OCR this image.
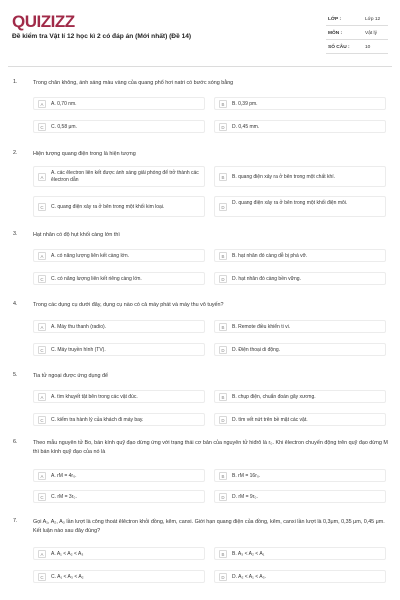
QUIZIZZ
Đề kiểm tra Vật lí 12 học kì 2 có đáp án (Mới nhất) (Đề 14)
LỚP :	Lớp 12
MÔN :	Vật lý
SỐ CÂU :	10
1.	Trong chân không, ánh sáng màu vàng của quang phổ hơi natri có bước sóng bằng
A	A. 0,70 nm.	B	B. 0,39 pm.
C	C. 0,58 μm.	D	D. 0,45 mm.
2.	Hiện tượng quang điện trong là hiện tượng
A
A. các êlectron liên kết được ánh sáng giải phóng để trở thành các êlectron dẫn	B	B. quang điện xảy ra ở bên trong một chất khí.
C	C. quang điện xảy ra ở bên trong một khối kim loại.	D
D. quang điện xảy ra ở bên trong một khối điện môi.
3.	Hạt nhân có độ hụt khối càng lớn thì
A	A. có năng lượng liên kết càng lớn.	B	B. hạt nhân đó càng dễ bị phá vỡ.
C	C. có năng lượng liên kết riêng càng lớn.	D	D. hạt nhân đó càng bền vững.
4.	Trong các dụng cụ dưới đây, dụng cụ nào có cả máy phát và máy thu vô tuyến?
A	A. Máy thu thanh (radio).	B	B. Remote điều khiển ti vi.
C	C. Máy truyền hình (TV).	D	D. Điện thoại di động.
5.	Tia tử ngoại được ứng dụng để
A	A. tìm khuyết tật bên trong các vật đúc.	B	B. chụp điện, chuẩn đoán gãy xương.
C	C. kiểm tra hành lý của khách đi máy bay.	D	D. tìm vết nứt trên bề mặt các vật.
6.	Theo mẫu nguyên tử Bo, bán kính quỹ đạo dừng ứng với trạng thái cơ bản của nguyên tử hiđrô là r₀. Khi êlectron chuyển động trên quỹ đạo dừng M thì bán kính quỹ đạo của nó là
A	A. rM = 4r₀.	B	B. rM = 16r₀.
C	C. rM = 3r₀.	D	D. rM = 9r₀.
7.	Gọi A₁, A₂, A₃ lần lượt là công thoát êlêctron khỏi đồng, kẽm, canxi. Giới hạn quang điện của đồng, kẽm, canxi lần lượt là 0,3μm, 0,35 μm, 0,45 μm. Kết luận nào sau đây đúng?
A	A. A₁ < A₂ < A₃	B	B. A₃ < A₂ < A₁
C	C. A₁ < A₃ < A₂	D	D. A₂ < A₁ < A₃.
